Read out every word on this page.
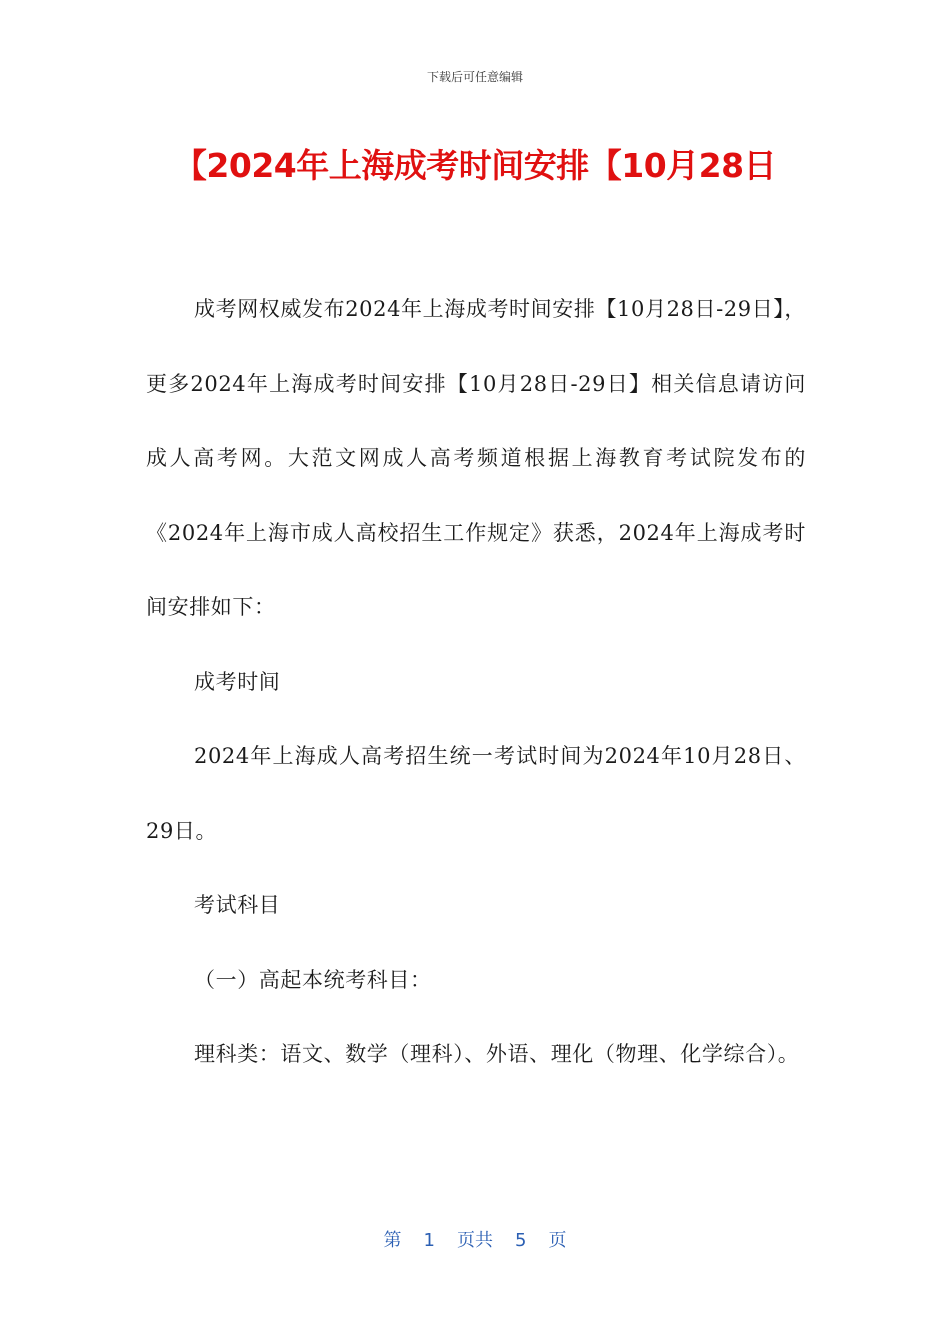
下载后可任意编辑
【2024年上海成考时间安排【10月28日

成考网权威发布2024年上海成考时间安排【10月28日-29日】，更多2024年上海成考时间安排【10月28日-29日】相关信息请访问成人高考网。大范文网成人高考频道根据上海教育考试院发布的《2024年上海市成人高校招生工作规定》获悉，2024年上海成考时间安排如下：

成考时间

2024年上海成人高考招生统一考试时间为2024年10月28日、29日。

考试科目

（一）高起本统考科目：

理科类：语文、数学（理科）、外语、理化（物理、化学综合）。

第 1 页共 5 页
